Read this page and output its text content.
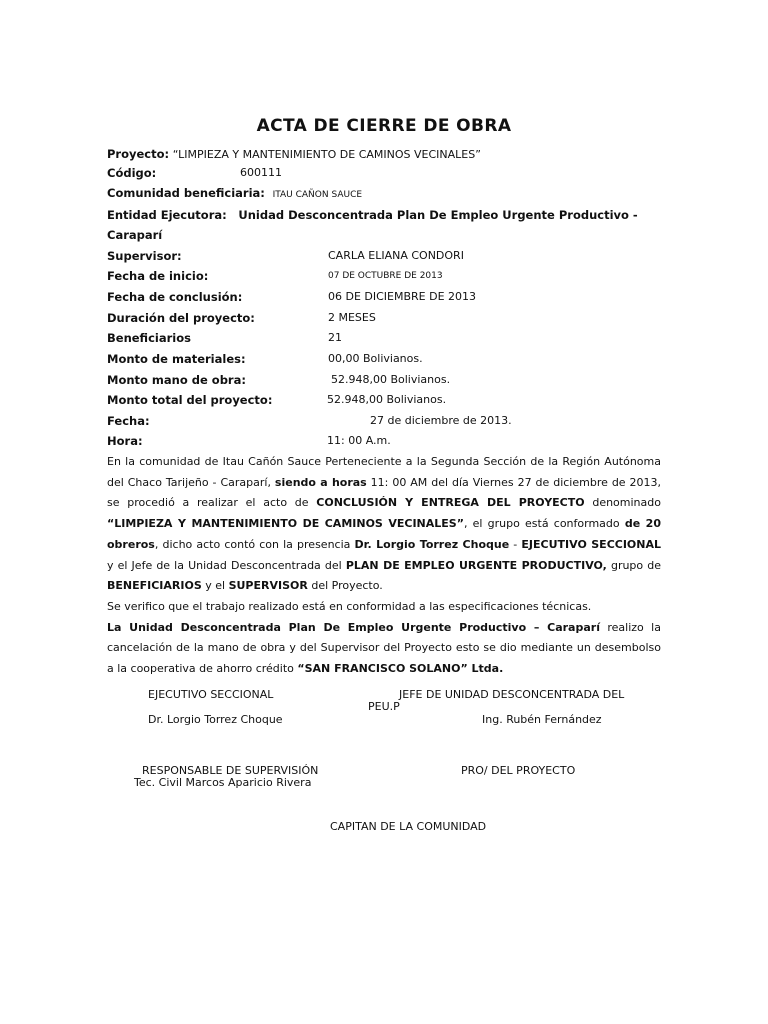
ACTA DE CIERRE DE OBRA
Proyecto: “LIMPIEZA Y MANTENIMIENTO DE CAMINOS VECINALES”
Código:	600111
Comunidad beneficiaria: ITAU CAÑON SAUCE
Entidad Ejecutora: Unidad Desconcentrada Plan De Empleo Urgente Productivo -
Caraparí
Supervisor:	CARLA ELIANA CONDORI
Fecha de inicio:	07 DE OCTUBRE DE 2013
Fecha de conclusión:	06 DE DICIEMBRE DE 2013
Duración del proyecto:	2 MESES
Beneficiarios	21
Monto de materiales:	00,00 Bolivianos.
Monto mano de obra:	52.948,00 Bolivianos.
Monto total del proyecto:	52.948,00 Bolivianos.
Fecha:	27 de diciembre de 2013.
Hora:	11: 00 A.m.
En la comunidad de Itau Cañón Sauce Perteneciente a la Segunda Sección de la Región Autónoma del Chaco Tarijeño - Caraparí, siendo a horas 11: 00 AM del día Viernes 27 de diciembre de 2013, se procedió a realizar el acto de CONCLUSIÓN Y ENTREGA DEL PROYECTO denominado “LIMPIEZA Y MANTENIMIENTO DE CAMINOS VECINALES”, el grupo está conformado de 20 obreros, dicho acto contó con la presencia Dr. Lorgio Torrez Choque - EJECUTIVO SECCIONAL y el Jefe de la Unidad Desconcentrada del PLAN DE EMPLEO URGENTE PRODUCTIVO, grupo de BENEFICIARIOS y el SUPERVISOR del Proyecto.
Se verifico que el trabajo realizado está en conformidad a las especificaciones técnicas.
La Unidad Desconcentrada Plan De Empleo Urgente Productivo – Caraparí realizo la cancelación de la mano de obra y del Supervisor del Proyecto esto se dio mediante un desembolso a la cooperativa de ahorro crédito “SAN FRANCISCO SOLANO” Ltda.
EJECUTIVO SECCIONAL
Dr. Lorgio Torrez Choque
JEFE DE UNIDAD DESCONCENTRADA DEL
PEU.P
Ing. Rubén Fernández
RESPONSABLE DE SUPERVISIÓN
Tec. Civil Marcos Aparicio Rivera
PRO/ DEL PROYECTO
CAPITAN DE LA COMUNIDAD
